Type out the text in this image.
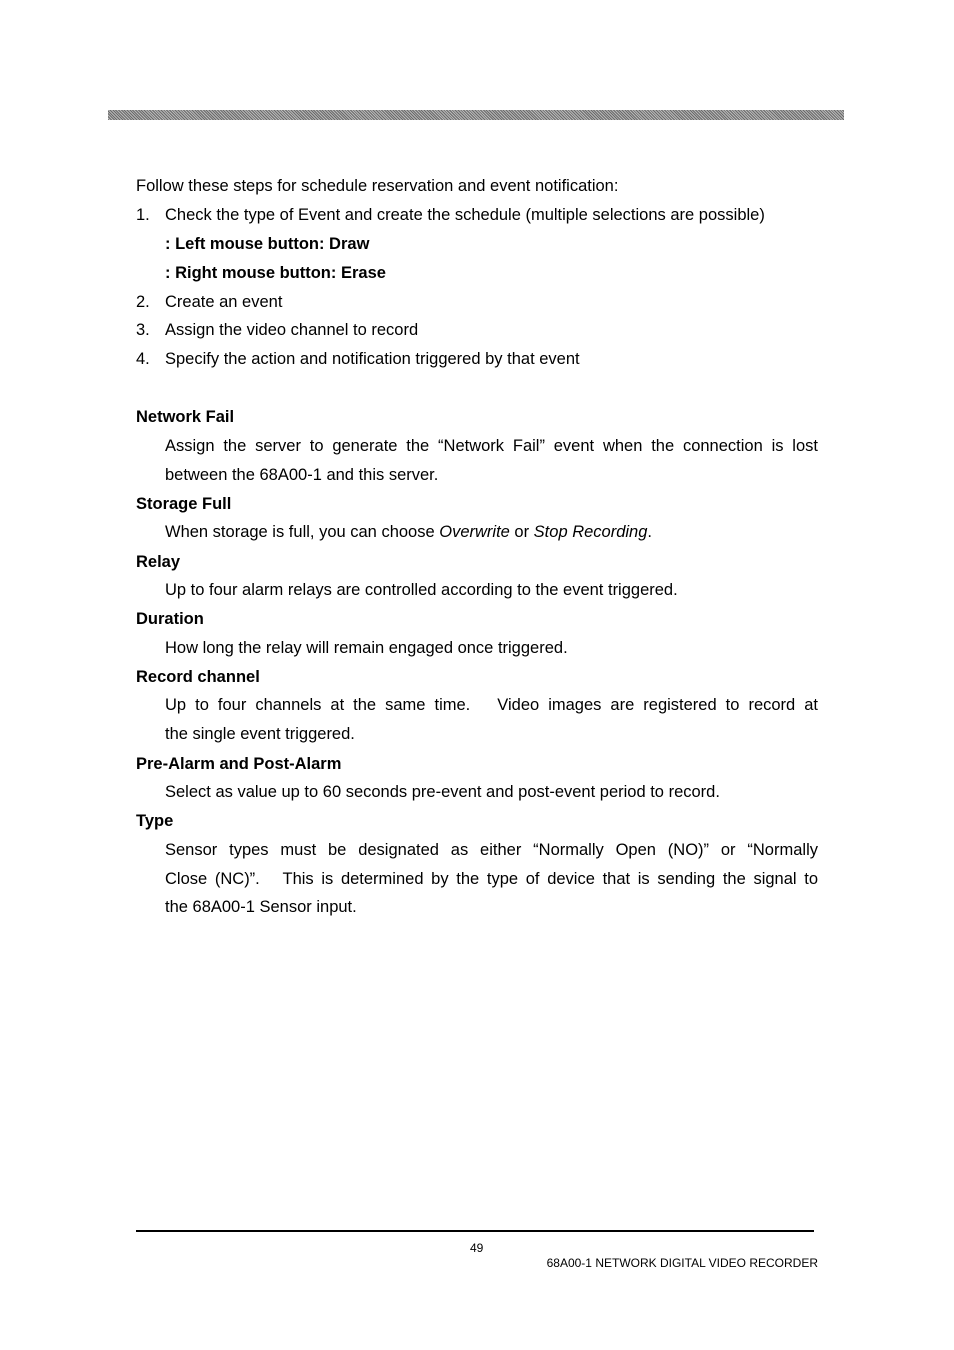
Follow these steps for schedule reservation and event notification:
1. Check the type of Event and create the schedule (multiple selections are possible)
: Left mouse button: Draw
: Right mouse button: Erase
2. Create an event
3. Assign the video channel to record
4. Specify the action and notification triggered by that event
Network Fail
Assign the server to generate the “Network Fail” event when the connection is lost
between the 68A00-1 and this server.
Storage Full
When storage is full, you can choose Overwrite or Stop Recording.
Relay
Up to four alarm relays are controlled according to the event triggered.
Duration
How long the relay will remain engaged once triggered.
Record channel
Up to four channels at the same time.   Video images are registered to record at
the single event triggered.
Pre-Alarm and Post-Alarm
Select as value up to 60 seconds pre-event and post-event period to record.
Type
Sensor types must be designated as either “Normally Open (NO)” or “Normally
Close (NC)”.   This is determined by the type of device that is sending the signal to
the 68A00-1 Sensor input.
49
68A00-1 NETWORK DIGITAL VIDEO RECORDER
